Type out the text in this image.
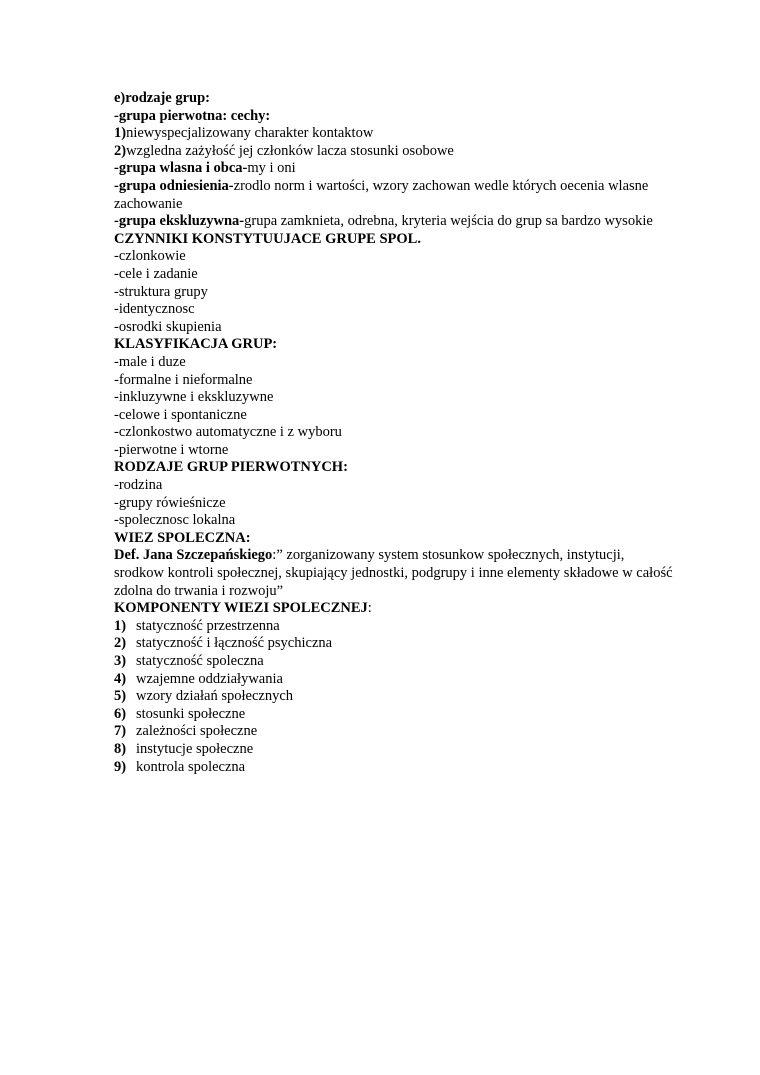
e)rodzaje grup:
-grupa pierwotna: cechy:
1)niewyspecjalizowany charakter kontaktow
2)wzgledna zażyłość jej członków lacza stosunki osobowe
-grupa wlasna i obca-my i oni
-grupa odniesienia-zrodlo norm i wartości, wzory zachowan wedle których oecenia wlasne zachowanie
-grupa ekskluzywna-grupa zamknieta, odrebna, kryteria wejścia do grup sa bardzo wysokie
CZYNNIKI KONSTYTUUJACE GRUPE SPOL.
-czlonkowie
-cele i zadanie
-struktura grupy
-identycznosc
-osrodki skupienia
KLASYFIKACJA GRUP:
-male i duze
-formalne i nieformalne
-inkluzywne i ekskluzywne
-celowe i spontaniczne
-czlonkostwo automatyczne i z wyboru
-pierwotne i wtorne
RODZAJE GRUP PIERWOTNYCH:
-rodzina
-grupy rówieśnicze
-spolecznosc lokalna
WIEZ SPOLECZNA:
Def. Jana Szczepańskiego:” zorganizowany system stosunkow społecznych, instytucji, srodkow kontroli społecznej, skupiający jednostki, podgrupy i inne elementy składowe w całość zdolna do trwania i rozwoju”
KOMPONENTY WIEZI SPOLECZNEJ:
1) statyczność przestrzenna
2) statyczność i łączność psychiczna
3) statyczność spoleczna
4) wzajemne oddziaływania
5) wzory działań społecznych
6) stosunki społeczne
7) zależności społeczne
8) instytucje społeczne
9) kontrola spoleczna
